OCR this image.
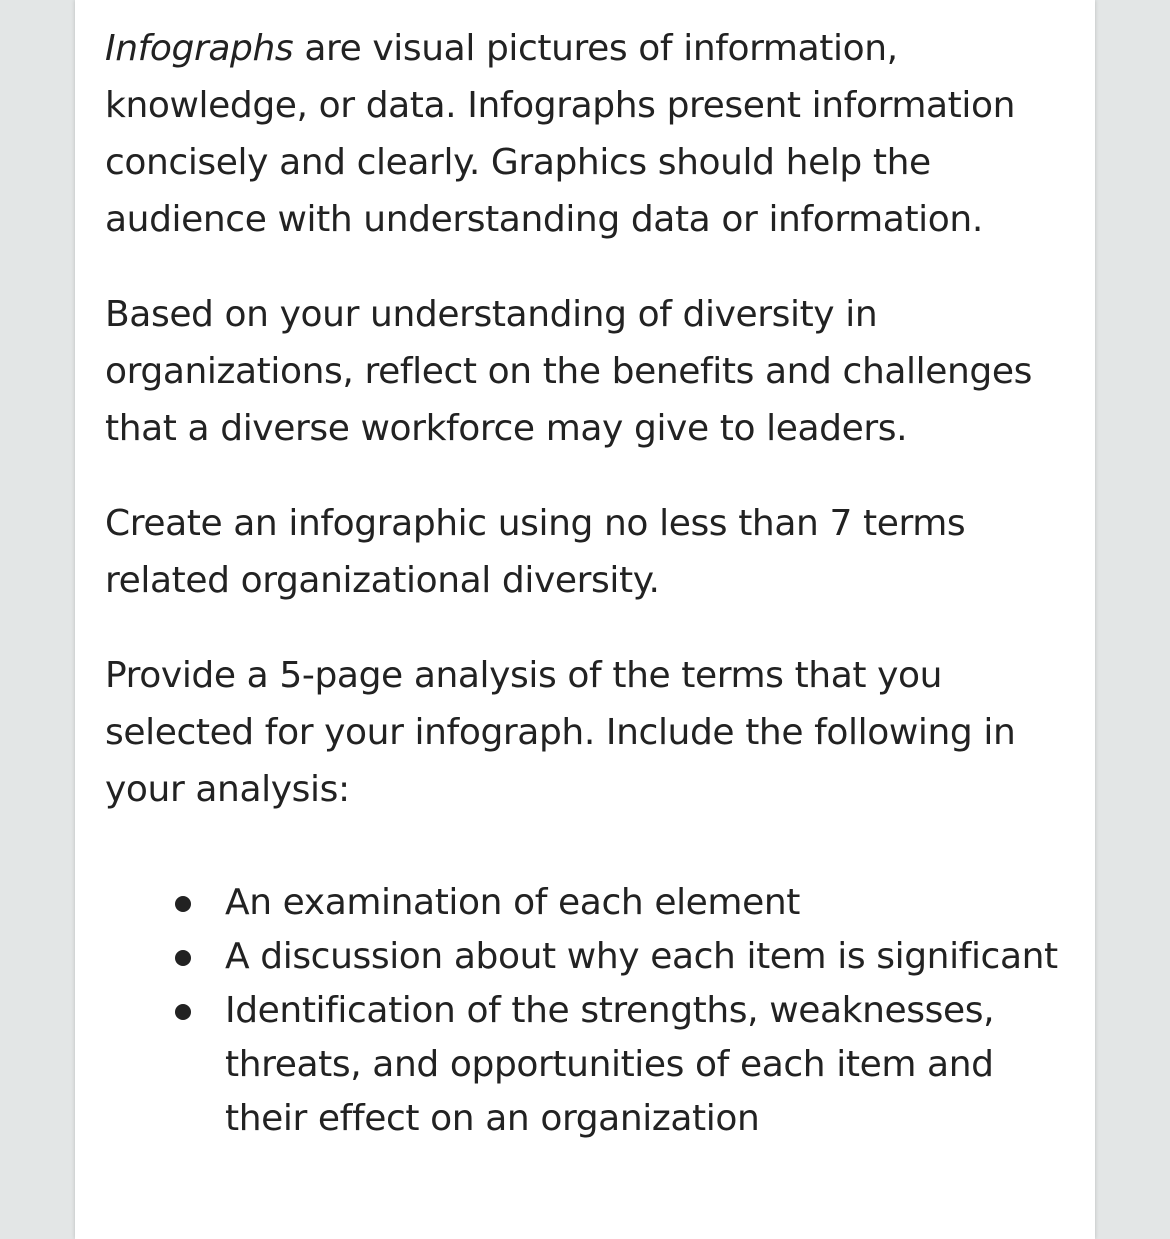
Infographs are visual pictures of information, knowledge, or data. Infographs present information concisely and clearly. Graphics should help the audience with understanding data or information.

Based on your understanding of diversity in organizations, reflect on the benefits and challenges that a diverse workforce may give to leaders.

Create an infographic using no less than 7 terms related organizational diversity.

Provide a 5-page analysis of the terms that you selected for your infograph. Include the following in your analysis:

An examination of each element
A discussion about why each item is significant
Identification of the strengths, weaknesses, threats, and opportunities of each item and their effect on an organization
